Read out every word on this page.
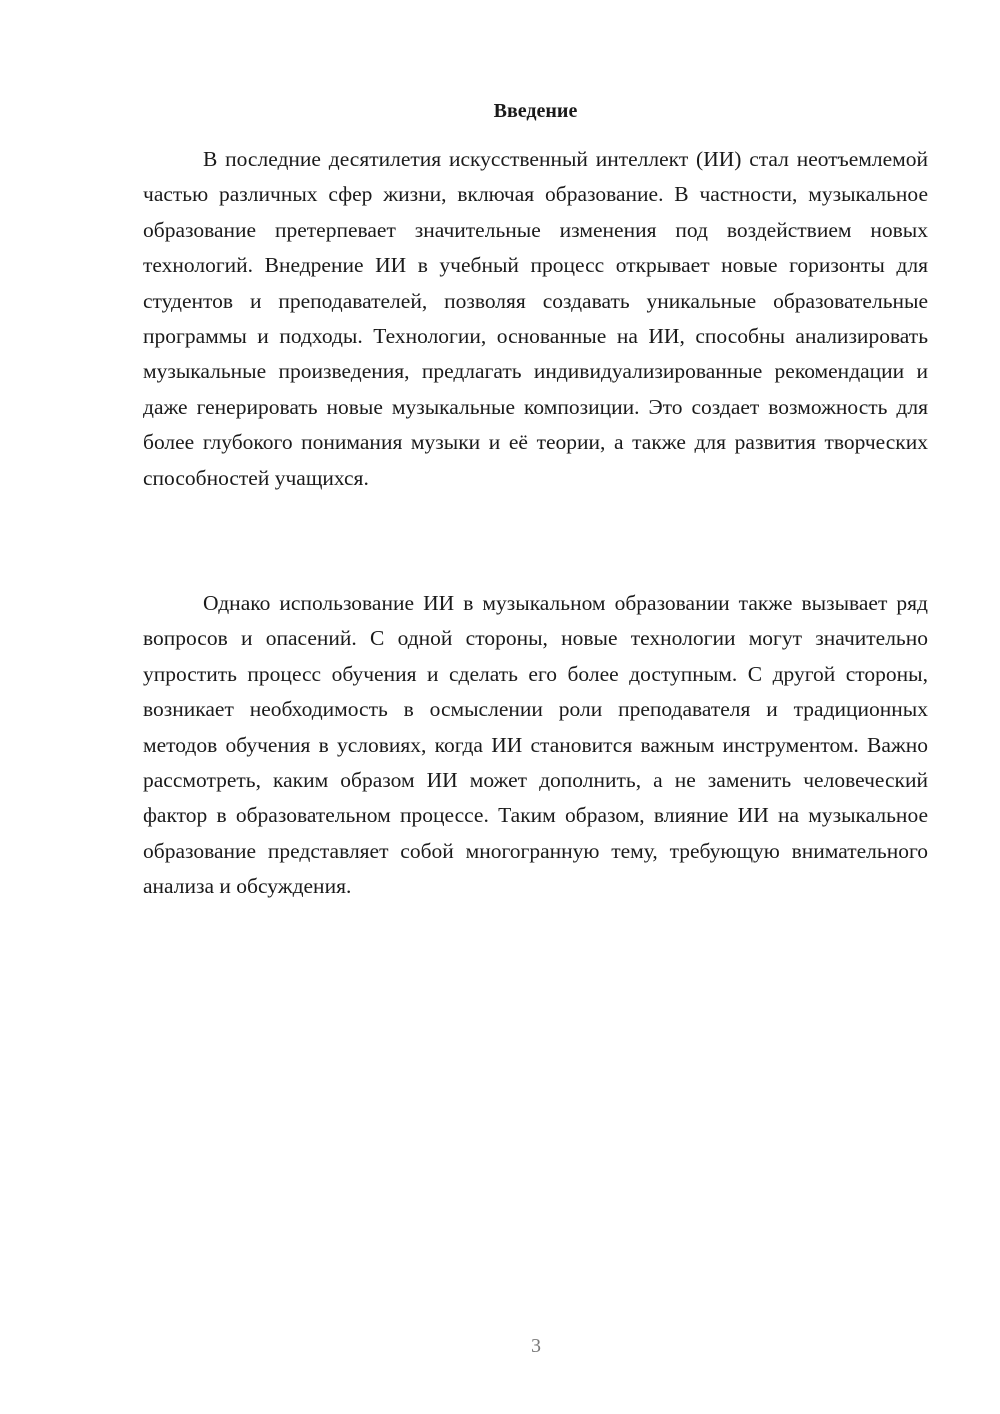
Введение

В последние десятилетия искусственный интеллект (ИИ) стал неотъемлемой частью различных сфер жизни, включая образование. В частности, музыкальное образование претерпевает значительные изменения под воздействием новых технологий. Внедрение ИИ в учебный процесс открывает новые горизонты для студентов и преподавателей, позволяя создавать уникальные образовательные программы и подходы. Технологии, основанные на ИИ, способны анализировать музыкальные произведения, предлагать индивидуализированные рекомендации и даже генерировать новые музыкальные композиции. Это создает возможность для более глубокого понимания музыки и её теории, а также для развития творческих способностей учащихся.

Однако использование ИИ в музыкальном образовании также вызывает ряд вопросов и опасений. С одной стороны, новые технологии могут значительно упростить процесс обучения и сделать его более доступным. С другой стороны, возникает необходимость в осмыслении роли преподавателя и традиционных методов обучения в условиях, когда ИИ становится важным инструментом. Важно рассмотреть, каким образом ИИ может дополнить, а не заменить человеческий фактор в образовательном процессе. Таким образом, влияние ИИ на музыкальное образование представляет собой многогранную тему, требующую внимательного анализа и обсуждения.

3
